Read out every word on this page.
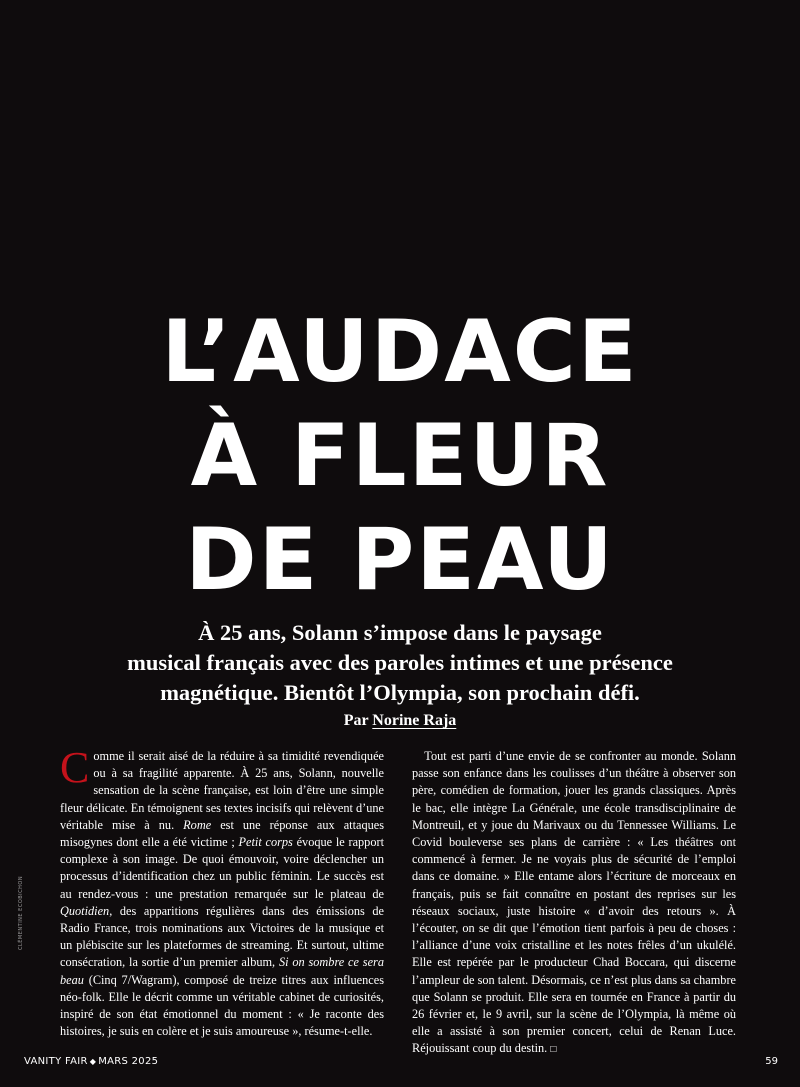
L’AUDACE
À FLEUR
DE PEAU

À 25 ans, Solann s’impose dans le paysage
musical français avec des paroles intimes et une présence
magnétique. Bientôt l’Olympia, son prochain défi.

Par Norine Raja

Comme il serait aisé de la réduire à sa timidité revendiquée ou à sa fragilité apparente. À 25 ans, Solann, nouvelle sensation de la scène française, est loin d’être une simple fleur délicate. En témoignent ses textes incisifs qui relèvent d’une véritable mise à nu. Rome est une réponse aux attaques misogynes dont elle a été victime ; Petit corps évoque le rapport complexe à son image. De quoi émouvoir, voire déclencher un processus d’identification chez un public féminin. Le succès est au rendez-vous : une prestation remarquée sur le plateau de Quotidien, des apparitions régulières dans des émissions de Radio France, trois nominations aux Victoires de la musique et un plébiscite sur les plateformes de streaming. Et surtout, ultime consécration, la sortie d’un premier album, Si on sombre ce sera beau (Cinq 7/Wagram), composé de treize titres aux influences néo-folk. Elle le décrit comme un véritable cabinet de curiosités, inspiré de son état émotionnel du moment : « Je raconte des histoires, je suis en colère et je suis amoureuse », résume-t-elle.

 Tout est parti d’une envie de se confronter au monde. Solann passe son enfance dans les coulisses d’un théâtre à observer son père, comédien de formation, jouer les grands classiques. Après le bac, elle intègre La Générale, une école transdisciplinaire de Montreuil, et y joue du Marivaux ou du Tennessee Williams. Le Covid bouleverse ses plans de carrière : « Les théâtres ont commencé à fermer. Je ne voyais plus de sécurité de l’emploi dans ce domaine. » Elle entame alors l’écriture de morceaux en français, puis se fait connaître en postant des reprises sur les réseaux sociaux, juste histoire « d’avoir des retours ». À l’écouter, on se dit que l’émotion tient parfois à peu de choses : l’alliance d’une voix cristalline et les notes frêles d’un ukulélé. Elle est repérée par le producteur Chad Boccara, qui discerne l’ampleur de son talent. Désormais, ce n’est plus dans sa chambre que Solann se produit. Elle sera en tournée en France à partir du 26 février et, le 9 avril, sur la scène de l’Olympia, là même où elle a assisté à son premier concert, celui de Renan Luce. Réjouissant coup du destin. □

CLÉMENTINE ECOBICHON
VANITY FAIR ◆ MARS 2025	59
